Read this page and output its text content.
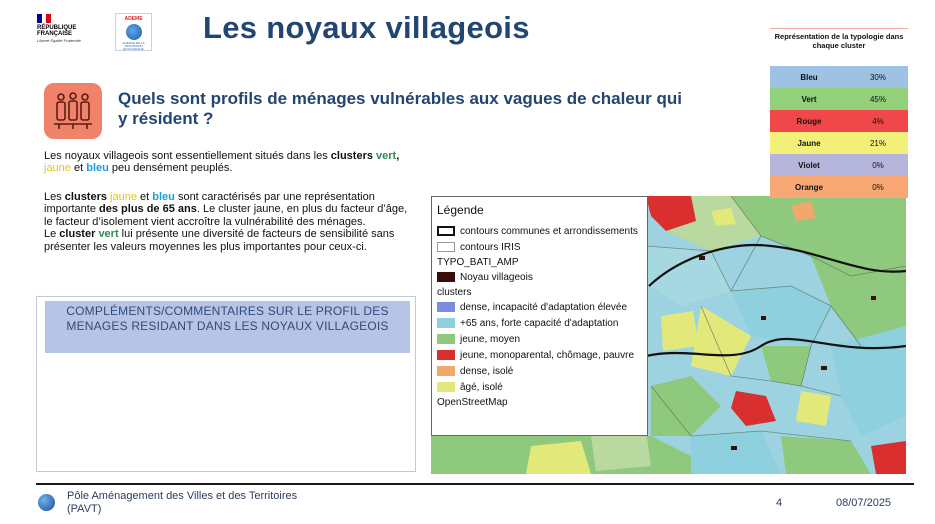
RÉPUBLIQUE FRANÇAISE
Liberté Égalité Fraternité
ADEME
AGENCE DE LA TRANSITION ÉCOLOGIQUE
Les noyaux villageois
Quels sont profils de ménages vulnérables aux vagues de chaleur qui y résident ?

Les noyaux villageois sont essentiellement situés dans les clusters vert, jaune et bleu peu densément peuplés.

Les clusters jaune et bleu sont caractérisés par une représentation importante des plus de 65 ans. Le cluster jaune, en plus du facteur d’âge, le facteur d’isolement vient accroître la vulnérabilité des ménages.
Le cluster vert lui présente une diversité de facteurs de sensibilité sans présenter les valeurs moyennes les plus importantes pour ceux-ci.

COMPLÉMENTS/COMMENTAIRES SUR LE PROFIL DES MENAGES RESIDANT DANS LES NOYAUX VILLAGEOIS
Légende
contours communes et arrondissements
contours IRIS
TYPO_BATI_AMP
Noyau villageois
clusters
dense, incapacité d'adaptation élevée
+65 ans, forte capacité d'adaptation
jeune, moyen
jeune, monoparental, chômage, pauvre
dense, isolé
âgé, isolé
OpenStreetMap
Représentation de la typologie dans chaque cluster
Bleu	30%
Vert	45%
Rouge	4%
Jaune	21%
Violet	0%
Orange	0%
Pôle Aménagement des Villes et des Territoires
(PAVT)	4	08/07/2025
